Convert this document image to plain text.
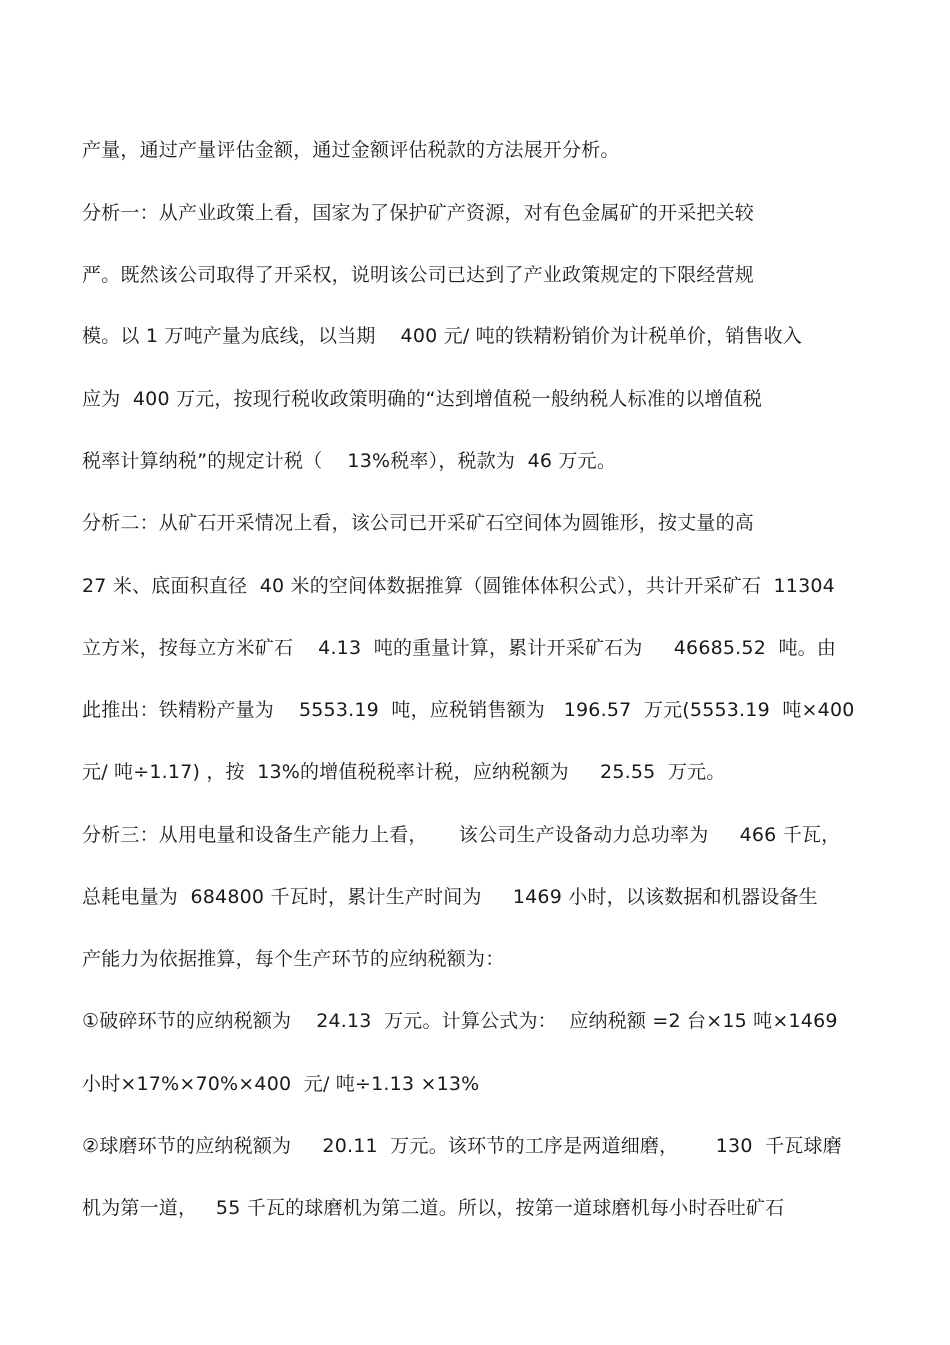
产量，通过产量评估金额，通过金额评估税款的方法展开分析。
分析一：从产业政策上看，国家为了保护矿产资源，对有色金属矿的开采把关较
严。既然该公司取得了开采权，说明该公司已达到了产业政策规定的下限经营规
模。以 1 万吨产量为底线，以当期    400 元/ 吨的铁精粉销价为计税单价，销售收入
应为  400 万元，按现行税收政策明确的“达到增值税一般纳税人标准的以增值税
税率计算纳税”的规定计税（    13%税率），税款为  46 万元。
分析二：从矿石开采情况上看，该公司已开采矿石空间体为圆锥形，按丈量的高
27 米、底面积直径  40 米的空间体数据推算（圆锥体体积公式），共计开采矿石  11304
立方米，按每立方米矿石    4.13  吨的重量计算，累计开采矿石为     46685.52  吨。由
此推出：铁精粉产量为    5553.19  吨，应税销售额为   196.57  万元(5553.19  吨×400
元/ 吨÷1.17) ，按  13%的增值税税率计税，应纳税额为     25.55  万元。
分析三：从用电量和设备生产能力上看，     该公司生产设备动力总功率为     466 千瓦，
总耗电量为  684800 千瓦时，累计生产时间为     1469 小时，以该数据和机器设备生
产能力为依据推算，每个生产环节的应纳税额为：
①破碎环节的应纳税额为    24.13  万元。计算公式为：  应纳税额 =2 台×15 吨×1469
小时×17%×70%×400  元/ 吨÷1.13 ×13%
②球磨环节的应纳税额为     20.11  万元。该环节的工序是两道细磨，      130  千瓦球磨
机为第一道，   55 千瓦的球磨机为第二道。所以，按第一道球磨机每小时吞吐矿石
